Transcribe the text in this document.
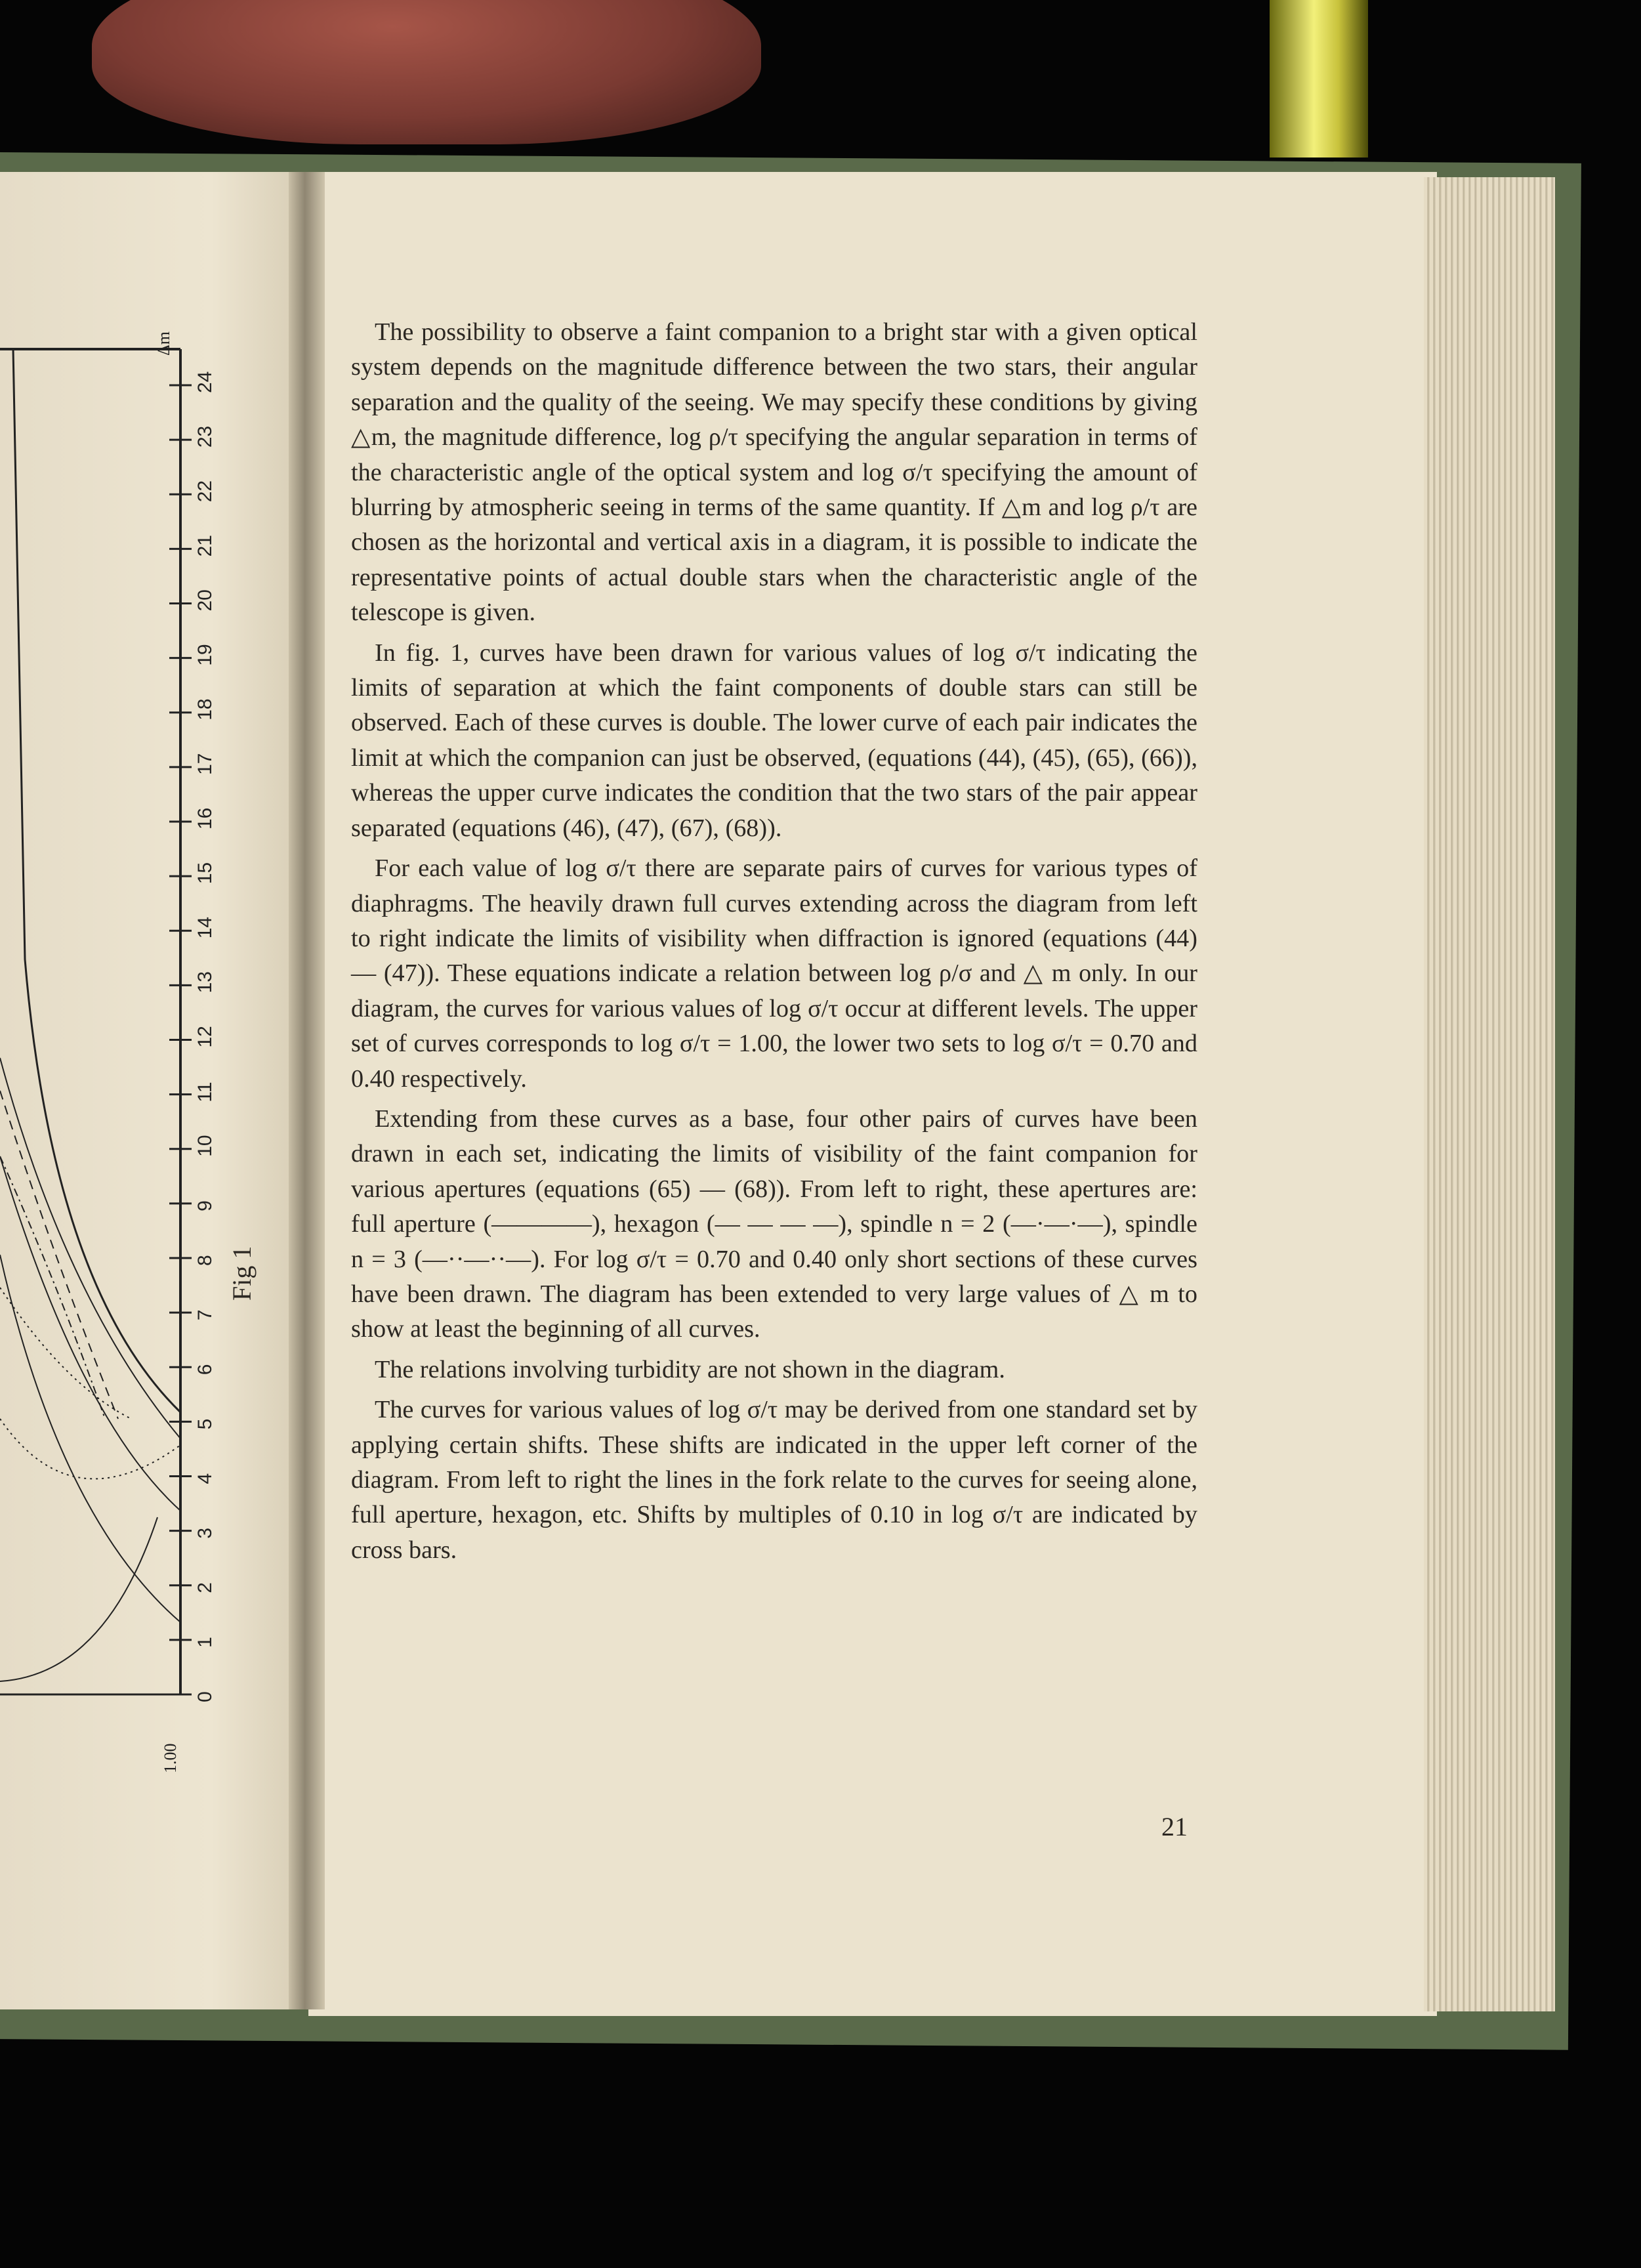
0
1
2
3
4
5
6
7
8
9
10
11
12
13
14
15
16
17
18
19
20
21
22
23
24
Δm
1.00
Fig 1

The possibility to observe a faint companion to a bright star with a given optical system depends on the magnitude difference between the two stars, their angular separation and the quality of the seeing. We may specify these conditions by giving △m, the magnitude difference, log ρ/τ specifying the angular separation in terms of the characteristic angle of the optical system and log σ/τ specifying the amount of blurring by atmospheric seeing in terms of the same quantity. If △m and log ρ/τ are chosen as the horizontal and vertical axis in a diagram, it is possible to indicate the representative points of actual double stars when the characteristic angle of the telescope is given.

In fig. 1, curves have been drawn for various values of log σ/τ indicating the limits of separation at which the faint components of double stars can still be observed. Each of these curves is double. The lower curve of each pair indicates the limit at which the companion can just be observed, (equations (44), (45), (65), (66)), whereas the upper curve indicates the condition that the two stars of the pair appear separated (equations (46), (47), (67), (68)).

For each value of log σ/τ there are separate pairs of curves for various types of diaphragms. The heavily drawn full curves extending across the diagram from left to right indicate the limits of visibility when diffraction is ignored (equations (44) — (47)). These equations indicate a relation between log ρ/σ and △ m only. In our diagram, the curves for various values of log σ/τ occur at different levels. The upper set of curves corresponds to log σ/τ = 1.00, the lower two sets to log σ/τ = 0.70 and 0.40 respectively.

Extending from these curves as a base, four other pairs of curves have been drawn in each set, indicating the limits of visibility of the faint companion for various apertures (equations (65) — (68)). From left to right, these apertures are: full aperture (————), hexagon (— — — —), spindle n = 2 (—·—·—), spindle n = 3 (—··—··—). For log σ/τ = 0.70 and 0.40 only short sections of these curves have been drawn. The diagram has been extended to very large values of △ m to show at least the beginning of all curves.

The relations involving turbidity are not shown in the diagram.

The curves for various values of log σ/τ may be derived from one standard set by applying certain shifts. These shifts are indicated in the upper left corner of the diagram. From left to right the lines in the fork relate to the curves for seeing alone, full aperture, hexagon, etc. Shifts by multiples of 0.10 in log σ/τ are indicated by cross bars.

21
